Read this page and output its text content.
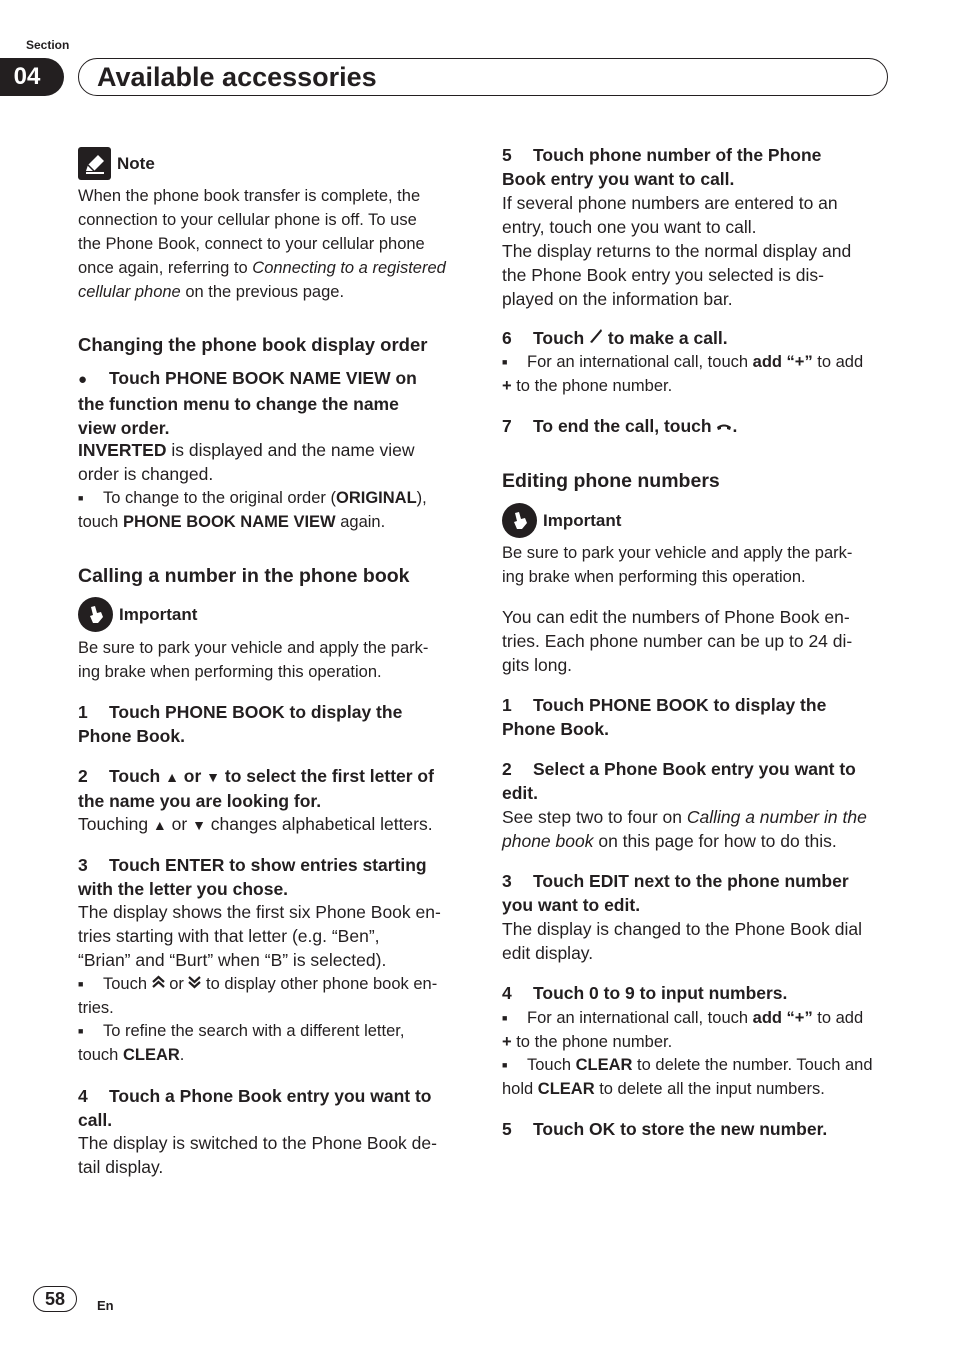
Section
04	Available accessories
Note
When the phone book transfer is complete, the
connection to your cellular phone is off. To use
the Phone Book, connect to your cellular phone
once again, referring to Connecting to a registered
cellular phone on the previous page.
Changing the phone book display order
● Touch PHONE BOOK NAME VIEW on
the function menu to change the name
view order.
INVERTED is displayed and the name view
order is changed.
■ To change to the original order (ORIGINAL),
touch PHONE BOOK NAME VIEW again.
Calling a number in the phone book
Important
Be sure to park your vehicle and apply the park-
ing brake when performing this operation.
1 Touch PHONE BOOK to display the
Phone Book.
2 Touch ▲ or ▼ to select the first letter of
the name you are looking for.
Touching ▲ or ▼ changes alphabetical letters.
3 Touch ENTER to show entries starting
with the letter you chose.
The display shows the first six Phone Book en-
tries starting with that letter (e.g. “Ben”,
“Brian” and “Burt” when “B” is selected).
■ Touch  or  to display other phone book en-
tries.
■ To refine the search with a different letter,
touch CLEAR.
4 Touch a Phone Book entry you want to
call.
The display is switched to the Phone Book de-
tail display.
5 Touch phone number of the Phone
Book entry you want to call.
If several phone numbers are entered to an
entry, touch one you want to call.
The display returns to the normal display and
the Phone Book entry you selected is dis-
played on the information bar.
6 Touch  to make a call.
■ For an international call, touch add “+” to add
+ to the phone number.
7 To end the call, touch .
Editing phone numbers
Important
Be sure to park your vehicle and apply the park-
ing brake when performing this operation.
You can edit the numbers of Phone Book en-
tries. Each phone number can be up to 24 di-
gits long.
1 Touch PHONE BOOK to display the
Phone Book.
2 Select a Phone Book entry you want to
edit.
See step two to four on Calling a number in the
phone book on this page for how to do this.
3 Touch EDIT next to the phone number
you want to edit.
The display is changed to the Phone Book dial
edit display.
4 Touch 0 to 9 to input numbers.
■ For an international call, touch add “+” to add
+ to the phone number.
■ Touch CLEAR to delete the number. Touch and
hold CLEAR to delete all the input numbers.
5 Touch OK to store the new number.
58	En
